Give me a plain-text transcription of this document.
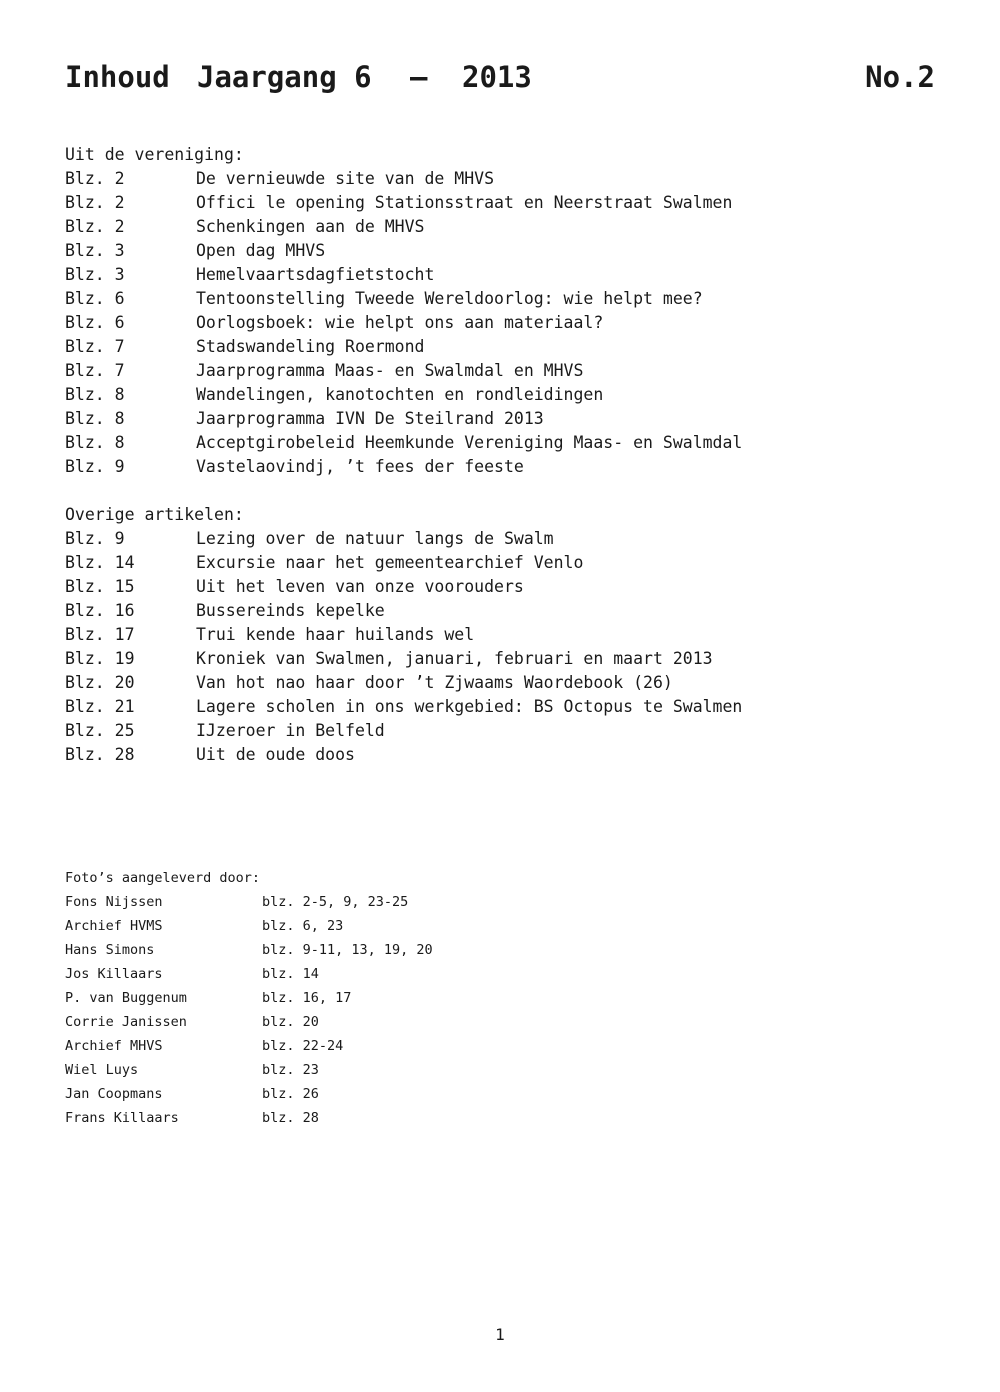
Inhoud Jaargang 6 – 2013	No.2
Uit de vereniging:
Blz. 2	De vernieuwde site van de MHVS
Blz. 2	Offici le opening Stationsstraat en Neerstraat Swalmen
Blz. 2	Schenkingen aan de MHVS
Blz. 3	Open dag MHVS
Blz. 3	Hemelvaartsdagfietstocht
Blz. 6	Tentoonstelling Tweede Wereldoorlog: wie helpt mee?
Blz. 6	Oorlogsboek: wie helpt ons aan materiaal?
Blz. 7	Stadswandeling Roermond
Blz. 7	Jaarprogramma Maas- en Swalmdal en MHVS
Blz. 8	Wandelingen, kanotochten en rondleidingen
Blz. 8	Jaarprogramma IVN De Steilrand 2013
Blz. 8	Acceptgirobeleid Heemkunde Vereniging Maas- en Swalmdal
Blz. 9	Vastelaovindj, ’t fees der feeste
Overige artikelen:
Blz. 9	Lezing over de natuur langs de Swalm
Blz. 14	Excursie naar het gemeentearchief Venlo
Blz. 15	Uit het leven van onze voorouders
Blz. 16	Bussereinds kepelke
Blz. 17	Trui kende haar huilands wel
Blz. 19	Kroniek van Swalmen, januari, februari en maart 2013
Blz. 20	Van hot nao haar door ’t Zjwaams Waordebook (26)
Blz. 21	Lagere scholen in ons werkgebied: BS Octopus te Swalmen
Blz. 25	IJzeroer in Belfeld
Blz. 28	Uit de oude doos
Foto’s aangeleverd door:
Fons Nijssen	blz. 2-5, 9, 23-25
Archief HVMS	blz. 6, 23
Hans Simons	blz. 9-11, 13, 19, 20
Jos Killaars	blz. 14
P. van Buggenum	blz. 16, 17
Corrie Janissen	blz. 20
Archief MHVS	blz. 22-24
Wiel Luys	blz. 23
Jan Coopmans	blz. 26
Frans Killaars	blz. 28
1
